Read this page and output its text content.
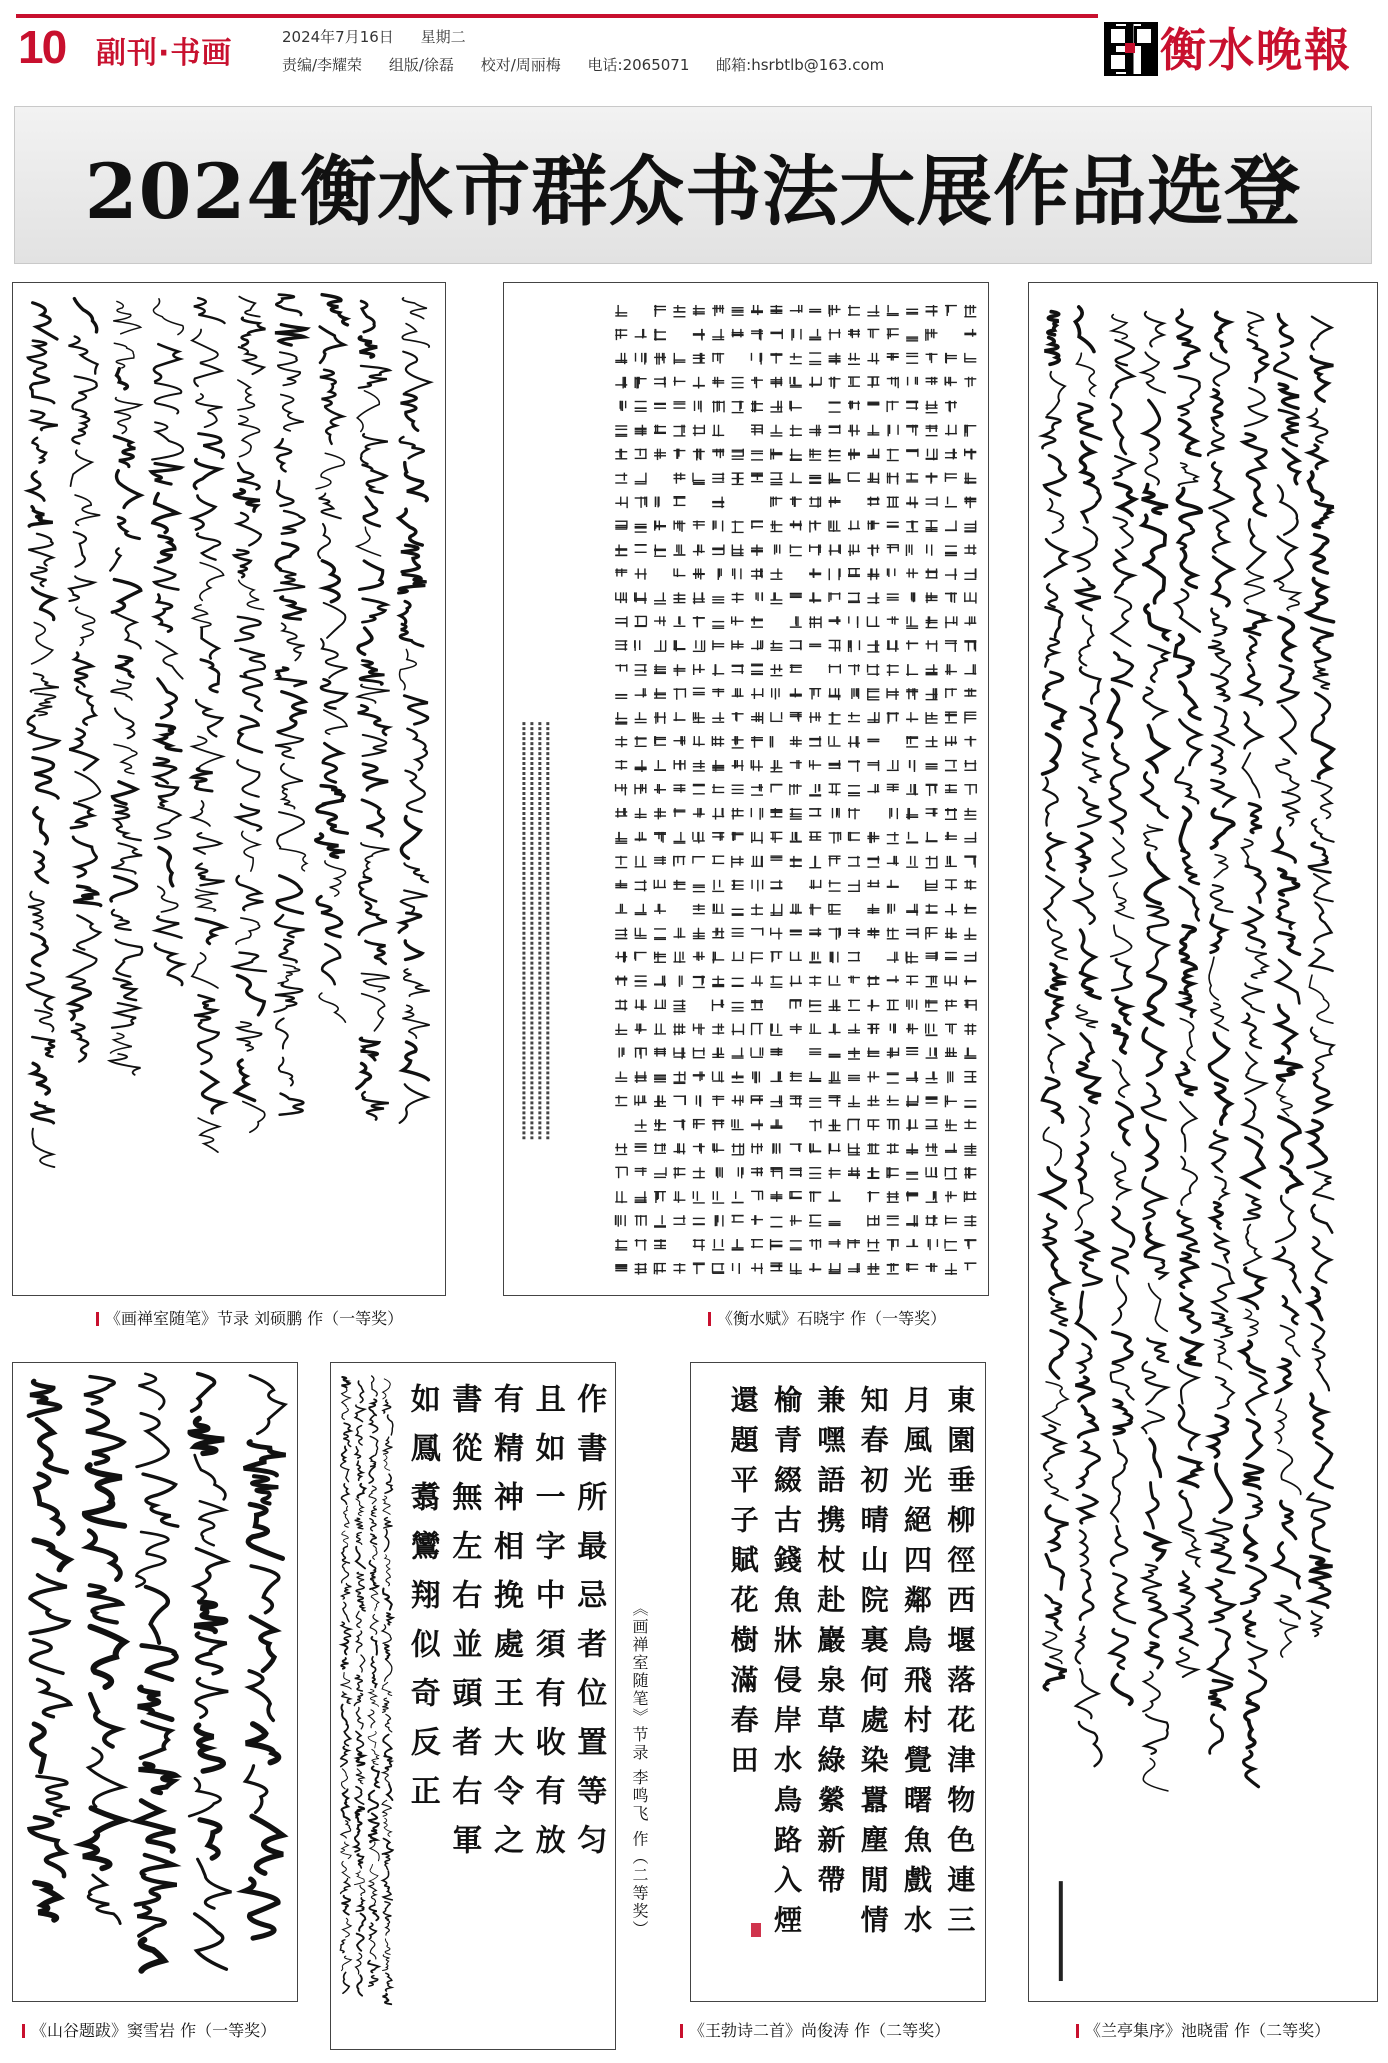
10	副刊·书画	2024年7月16日 星期二
责编/李耀荣 组版/徐磊 校对/周丽梅 电话:2065071 邮箱:hsrbtlb@163.com	衡水晚報
2024衡水市群众书法大展作品选登
《画禅室随笔》节录 刘硕鹏 作（一等奖）	《衡水赋》石晓宇 作（一等奖）
《兰亭集序》池晓雷 作（二等奖）
《山谷题跋》窦雪岩 作（一等奖）
作書所最忌者位置等匀
且如一字中須有收有放
有精神相挽處王大令之
書從無左右並頭者右軍
如鳳翥鸞翔似奇反正	《画禅室随笔》节录 李鸣飞 作（二等奖）	東園垂柳徑西堰落花津物色連三
月風光絕四鄰鳥飛村覺曙魚戲水
知春初晴山院裏何處染囂塵閒情
兼嘿語携杖赴巖泉草綠縈新帶
榆青綴古錢魚牀侵岸水鳥路入煙
還題平子賦花樹滿春田
《王勃诗二首》尚俊涛 作（二等奖）
